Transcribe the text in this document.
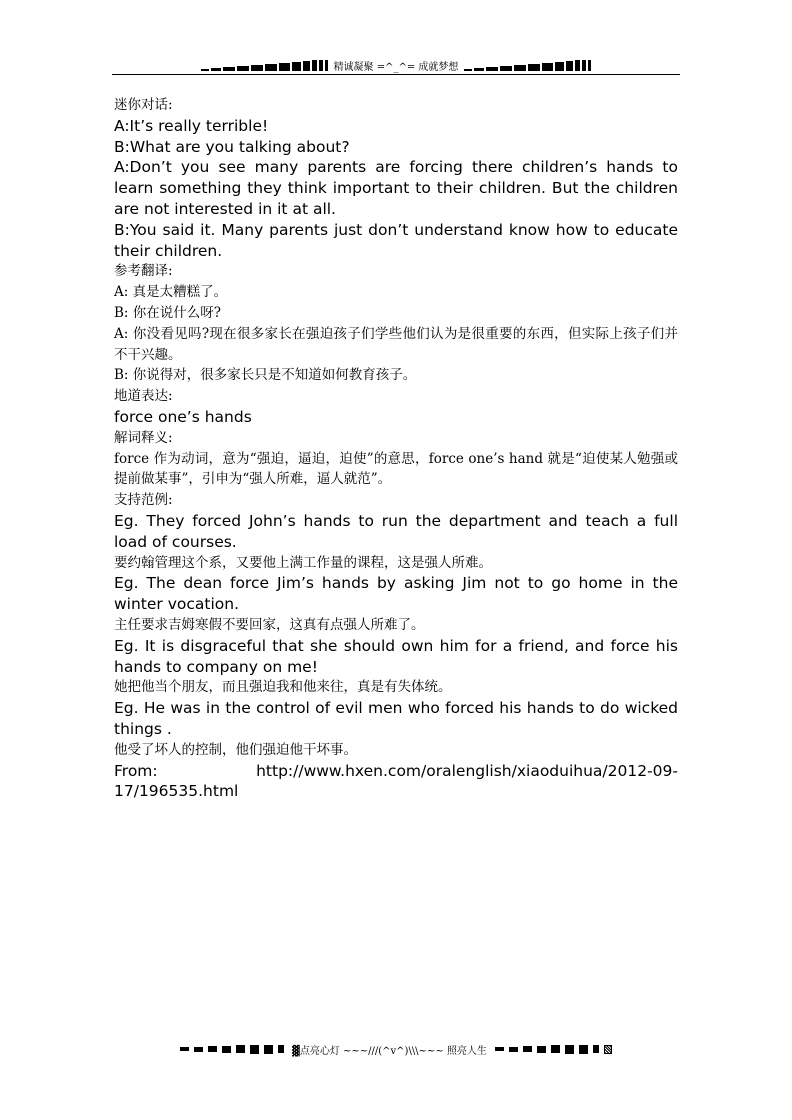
精诚凝聚 =^_^= 成就梦想
迷你对话:
A:It’s really terrible!
B:What are you talking about?
A:Don’t you see many parents are forcing there children’s hands to learn something they think important to their children. But the children are not interested in it at all.
B:You said it. Many parents just don’t understand know how to educate their children.
参考翻译:
A: 真是太糟糕了。
B: 你在说什么呀?
A: 你没看见吗?现在很多家长在强迫孩子们学些他们认为是很重要的东西，但实际上孩子们并不干兴趣。
B: 你说得对，很多家长只是不知道如何教育孩子。
地道表达:
force one’s hands
解词释义:
force 作为动词，意为“强迫，逼迫，迫使”的意思，force one’s hand 就是“迫使某人勉强或提前做某事”，引申为“强人所难，逼人就范”。
支持范例:
Eg. They forced John’s hands to run the department and teach a full load of courses.
要约翰管理这个系，又要他上满工作量的课程，这是强人所难。
Eg. The dean force Jim’s hands by asking Jim not to go home in the winter vocation.
主任要求吉姆寒假不要回家，这真有点强人所难了。
Eg. It is disgraceful that she should own him for a friend, and force his hands to company on me!
她把他当个朋友，而且强迫我和他来往，真是有失体统。
Eg. He was in the control of evil men who forced his hands to do wicked things .
他受了坏人的控制，他们强迫他干坏事。
From:	http://www.hxen.com/oralenglish/xiaoduihua/2012-09-
17/196535.html
▓点亮心灯 ~~~///(^v^)\\\~~~ 照亮人生
